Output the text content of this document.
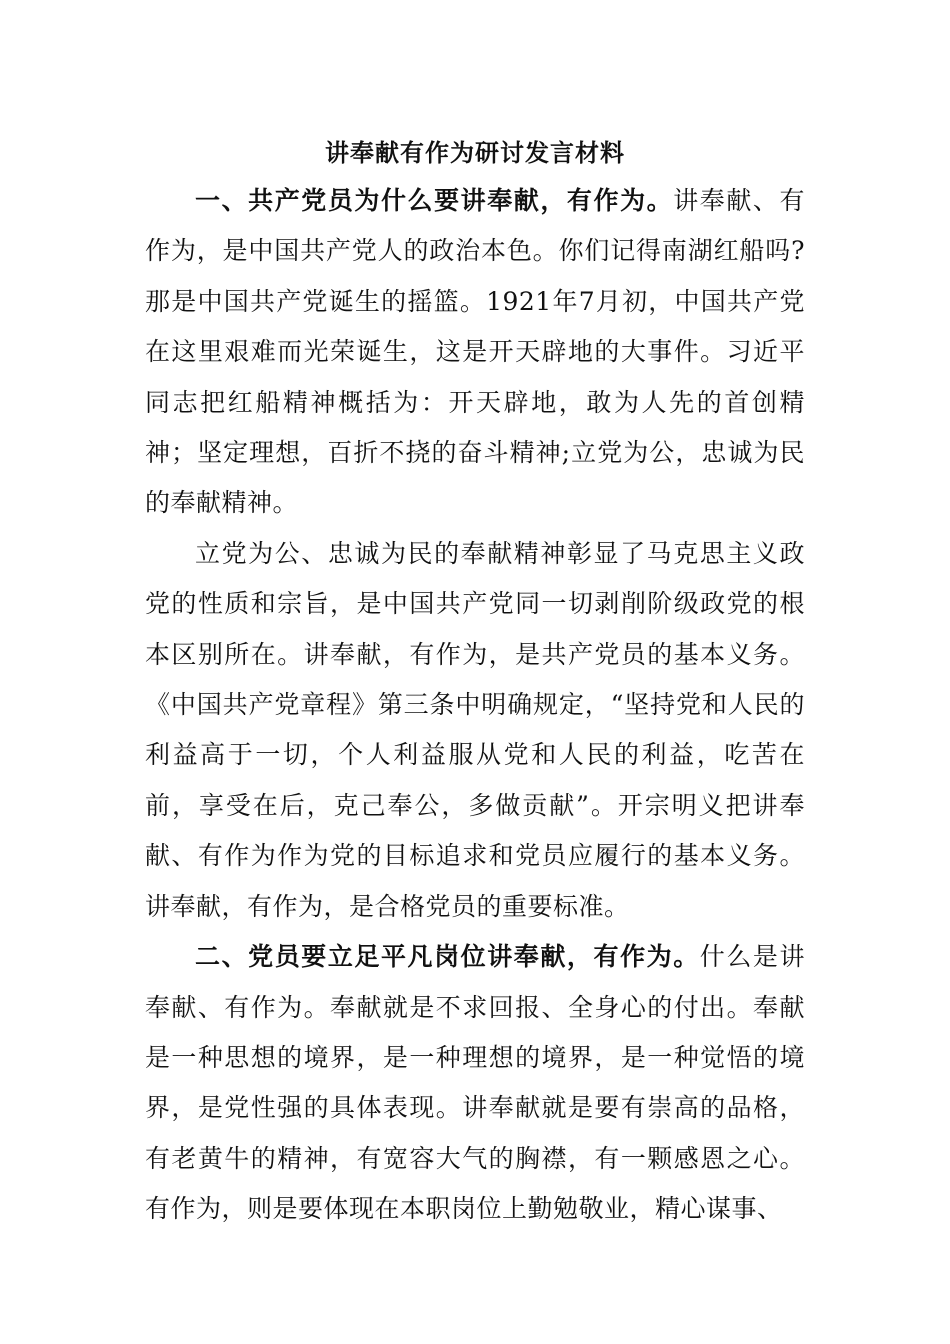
讲奉献有作为研讨发言材料

一、共产党员为什么要讲奉献，有作为。讲奉献、有作为，是中国共产党人的政治本色。你们记得南湖红船吗?那是中国共产党诞生的摇篮。1921年7月初，中国共产党在这里艰难而光荣诞生，这是开天辟地的大事件。习近平同志把红船精神概括为：开天辟地，敢为人先的首创精神；坚定理想，百折不挠的奋斗精神;立党为公，忠诚为民的奉献精神。

立党为公、忠诚为民的奉献精神彰显了马克思主义政党的性质和宗旨，是中国共产党同一切剥削阶级政党的根本区别所在。讲奉献，有作为，是共产党员的基本义务。《中国共产党章程》第三条中明确规定，“坚持党和人民的利益高于一切，个人利益服从党和人民的利益，吃苦在前，享受在后，克己奉公，多做贡献”。开宗明义把讲奉献、有作为作为党的目标追求和党员应履行的基本义务。讲奉献，有作为，是合格党员的重要标准。

二、党员要立足平凡岗位讲奉献，有作为。什么是讲奉献、有作为。奉献就是不求回报、全身心的付出。奉献是一种思想的境界，是一种理想的境界，是一种觉悟的境界，是党性强的具体表现。讲奉献就是要有崇高的品格，有老黄牛的精神，有宽容大气的胸襟，有一颗感恩之心。有作为，则是要体现在本职岗位上勤勉敬业，精心谋事、
